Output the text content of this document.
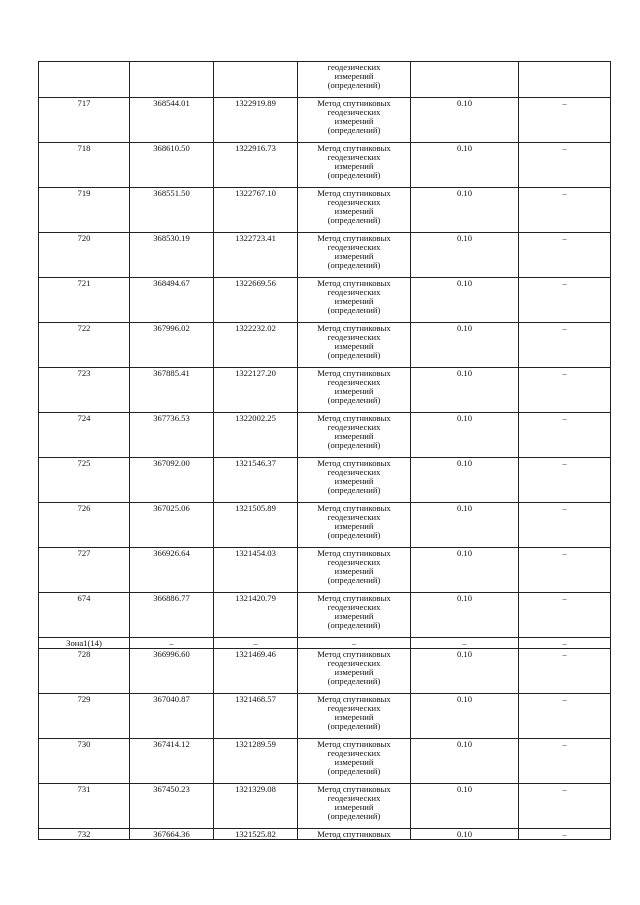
			геодезических
измерений
(определений)		

717	368544.01	1322919.89	Метод спутниковых
геодезических
измерений
(определений)	0.10	–
718	368610.50	1322916.73	Метод спутниковых
геодезических
измерений
(определений)	0.10	–
719	368551.50	1322767.10	Метод спутниковых
геодезических
измерений
(определений)	0.10	–
720	368530.19	1322723.41	Метод спутниковых
геодезических
измерений
(определений)	0.10	–
721	368494.67	1322669.56	Метод спутниковых
геодезических
измерений
(определений)	0.10	–
722	367996.02	1322232.02	Метод спутниковых
геодезических
измерений
(определений)	0.10	–
723	367885.41	1322127.20	Метод спутниковых
геодезических
измерений
(определений)	0.10	–
724	367736.53	1322002.25	Метод спутниковых
геодезических
измерений
(определений)	0.10	–
725	367092.00	1321546.37	Метод спутниковых
геодезических
измерений
(определений)	0.10	–
726	367025.06	1321505.89	Метод спутниковых
геодезических
измерений
(определений)	0.10	–
727	366926.64	1321454.03	Метод спутниковых
геодезических
измерений
(определений)	0.10	–
674	366886.77	1321420.79	Метод спутниковых
геодезических
измерений
(определений)	0.10	–
Зона1(14)	–	–	–	–	–
728	366996.60	1321469.46	Метод спутниковых
геодезических
измерений
(определений)	0.10	–
729	367040.87	1321468.57	Метод спутниковых
геодезических
измерений
(определений)	0.10	–
730	367414.12	1321289.59	Метод спутниковых
геодезических
измерений
(определений)	0.10	–
731	367450.23	1321329.08	Метод спутниковых
геодезических
измерений
(определений)	0.10	–
732	367664.36	1321525.82	Метод спутниковых	0.10	–
